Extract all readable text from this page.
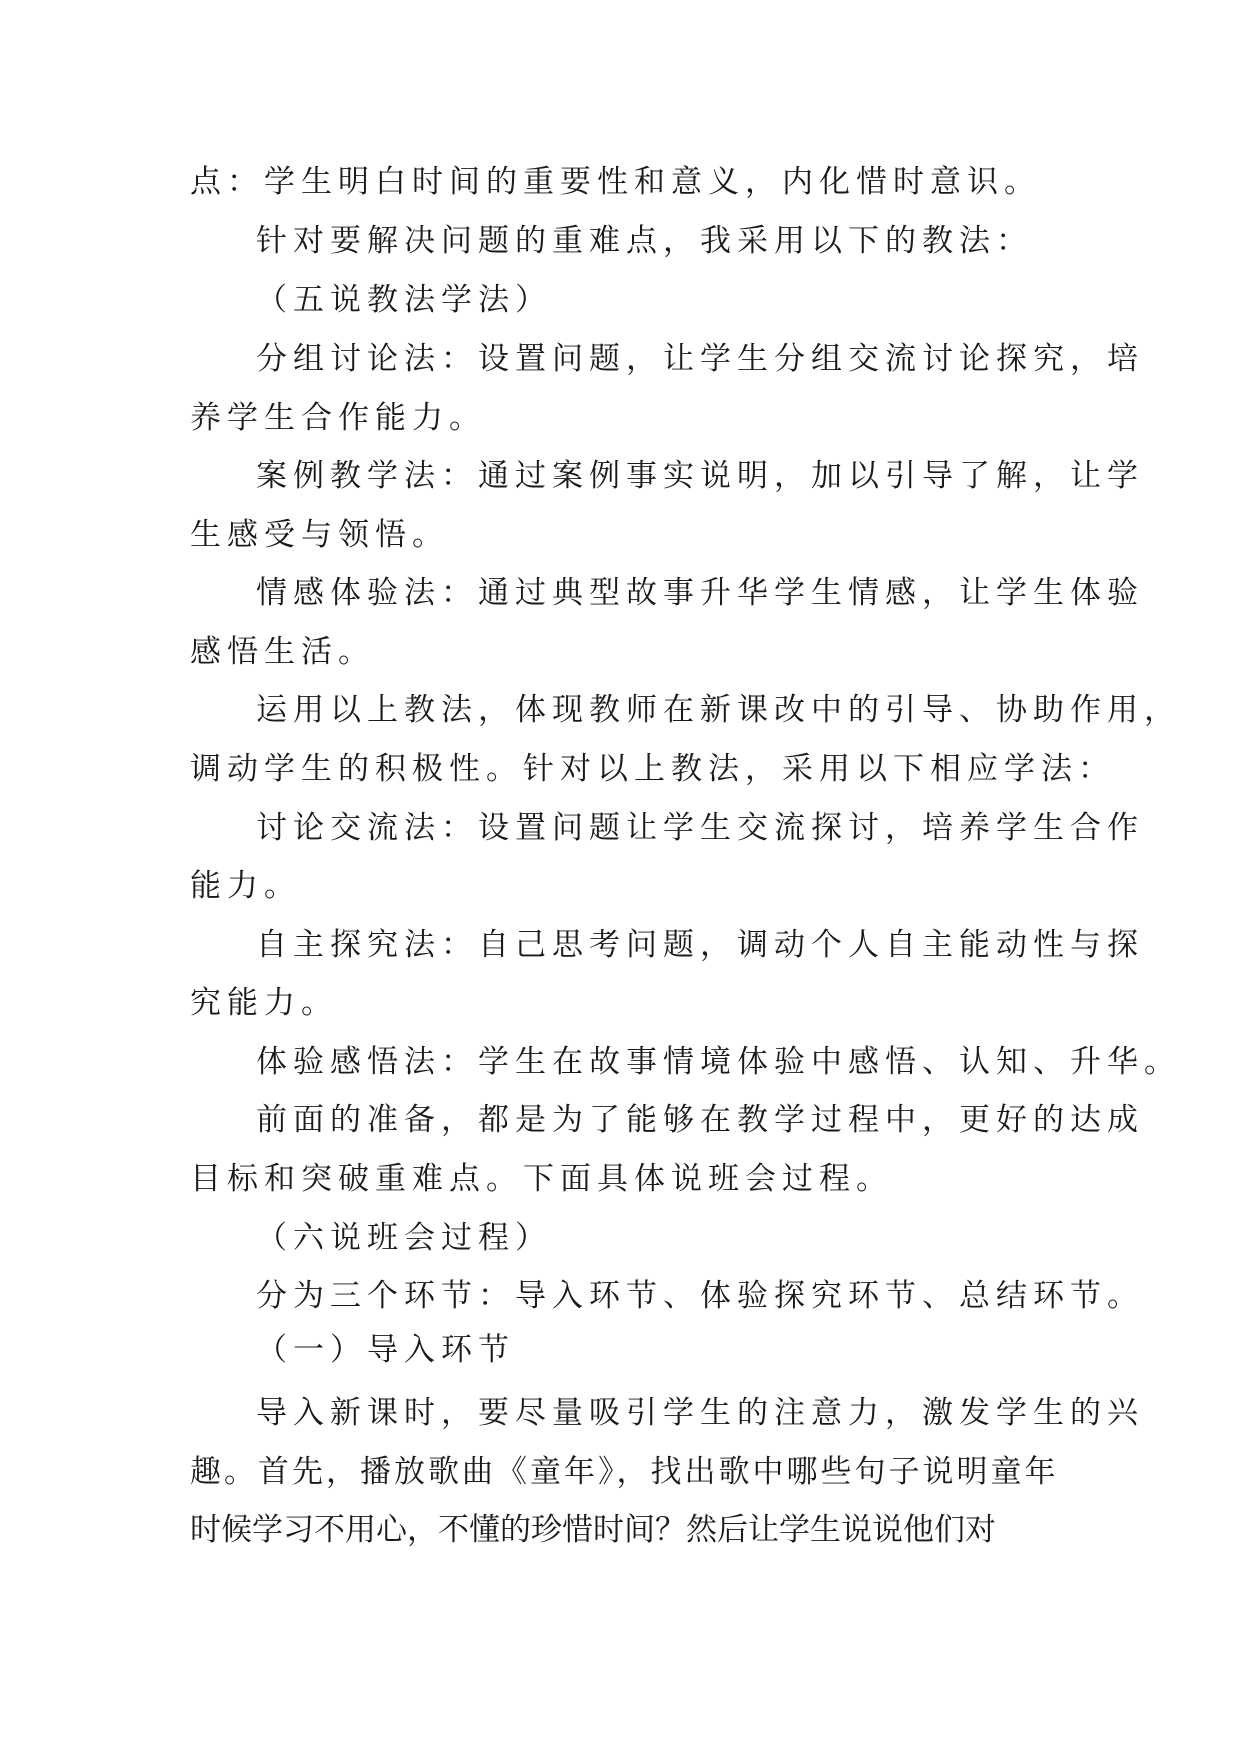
点：学生明白时间的重要性和意义，内化惜时意识。

针对要解决问题的重难点，我采用以下的教法：

（五说教法学法）

分组讨论法：设置问题，让学生分组交流讨论探究，培

养学生合作能力。

案例教学法：通过案例事实说明，加以引导了解，让学

生感受与领悟。

情感体验法：通过典型故事升华学生情感，让学生体验

感悟生活。

运用以上教法，体现教师在新课改中的引导、协助作用，

调动学生的积极性。针对以上教法，采用以下相应学法：

讨论交流法：设置问题让学生交流探讨，培养学生合作

能力。

自主探究法：自己思考问题，调动个人自主能动性与探

究能力。

体验感悟法：学生在故事情境体验中感悟、认知、升华。

前面的准备，都是为了能够在教学过程中，更好的达成

目标和突破重难点。下面具体说班会过程。

（六说班会过程）

分为三个环节：导入环节、体验探究环节、总结环节。

（一）导入环节

导入新课时，要尽量吸引学生的注意力，激发学生的兴

趣。首先，播放歌曲《童年》，找出歌中哪些句子说明童年

时候学习不用心，不懂的珍惜时间？然后让学生说说他们对
